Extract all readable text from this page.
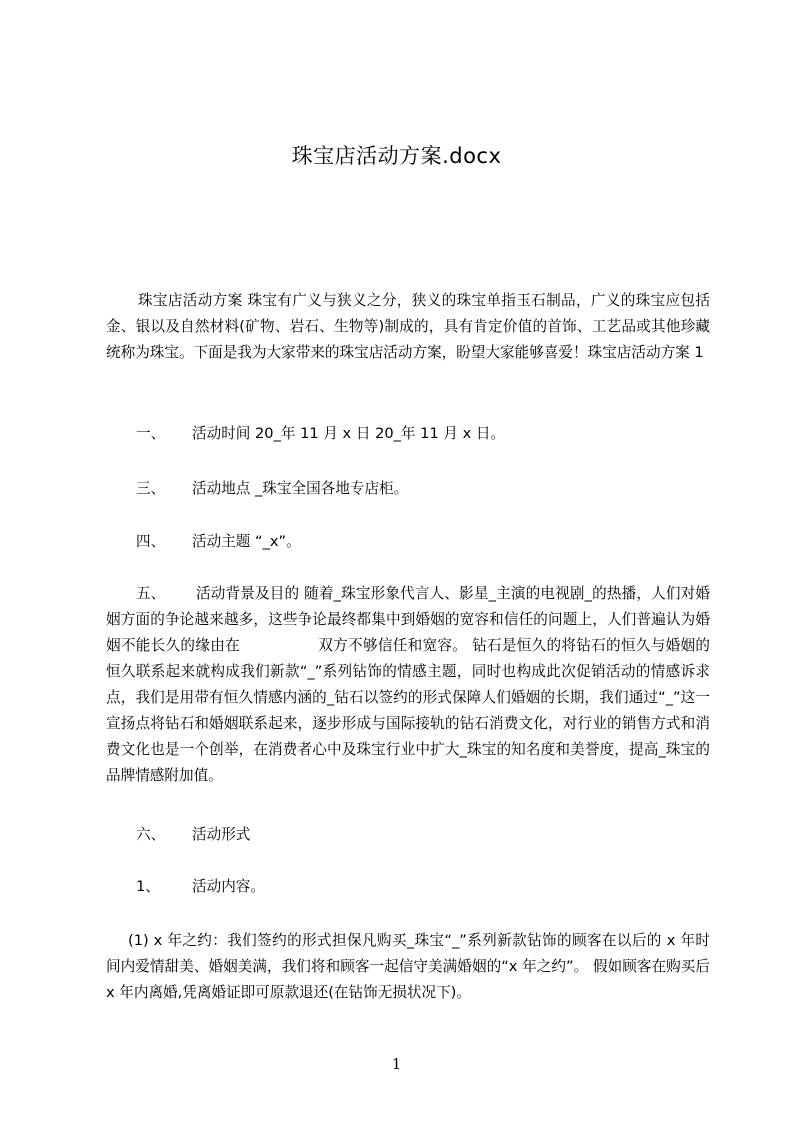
珠宝店活动方案.docx

珠宝店活动方案 珠宝有广义与狭义之分，狭义的珠宝单指玉石制品，广义的珠宝应包括金、银以及自然材料(矿物、岩石、生物等)制成的，具有肯定价值的首饰、工艺品或其他珍藏统称为珠宝。下面是我为大家带来的珠宝店活动方案，盼望大家能够喜爱！珠宝店活动方案 1

一、 活动时间 20_年 11 月 x 日 20_年 11 月 x 日。

三、 活动地点 _珠宝全国各地专店柜。

四、 活动主题 “_x”。

五、	活动背景及目的 随着_珠宝形象代言人、影星_主演的电视剧_的热播，人们对婚姻方面的争论越来越多，这些争论最终都集中到婚姻的宽容和信任的问题上，人们普遍认为婚姻不能长久的缘由在	双方不够信任和宽容。 钻石是恒久的将钻石的恒久与婚姻的恒久联系起来就构成我们新款“_”系列钻饰的情感主题，同时也构成此次促销活动的情感诉求点，我们是用带有恒久情感内涵的_钻石以签约的形式保障人们婚姻的长期，我们通过“_”这一宣扬点将钻石和婚姻联系起来，逐步形成与国际接轨的钻石消费文化，对行业的销售方式和消费文化也是一个创举，在消费者心中及珠宝行业中扩大_珠宝的知名度和美誉度，提高_珠宝的品牌情感附加值。

六、 活动形式

1、 活动内容。

(1) x 年之约：我们签约的形式担保凡购买_珠宝“_”系列新款钻饰的顾客在以后的 x 年时间内爱情甜美、婚姻美满，我们将和顾客一起信守美满婚姻的“x 年之约”。 假如顾客在购买后 x 年内离婚,凭离婚证即可原款退还(在钻饰无损状况下)。

1
